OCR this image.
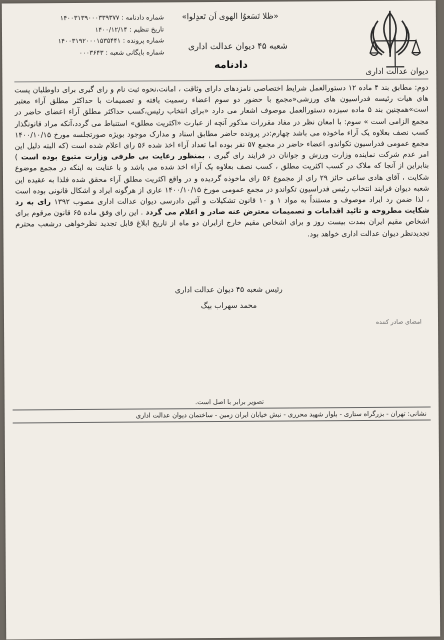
«ظلا تَسَعوُا الهوی اَن تَعدِلوا»
دیوان عدالت اداری
شعبه ۴۵ دیوان عدالت اداری
دادنامه
شماره دادنامه : ۱۴۰۰۳۱۳۹۰۰۰۳۳۹۳۷۷
تاریخ تنظیم : ۱۴۰۰/۱۲/۱۴
شماره پرونده : ۱۴۰۰۳۱۹۲۰۰۰۱۵۳۵۴۴۱
شماره بایگانی شعبه : ۰۰۰۳۶۴۳
دوم: مطابق بند ۴ ماده ۱۲ دستورالعمل شرایط اختصاصی نامزدهای دارای وثاقت ، امانت،نحوه ثبت نام و رای گیری برای داوطلبان پست های هیات رئیسه فدراسیون های ورزشی«مجمع با حضور دو سوم اعضاء رسمیت یافته و تصمیمات با حداکثر مطلق آراء معتبر است»همچنین بند ۵ ماده سیزده دستورالعمل موصوف اشعار می دارد «برای انتخاب رئیس،کسب حداکثر مطلق آراء اعضای حاضر در مجمع الزامی است » سوم: با امعان نظر در مفاد مقررات مذکور آنچه از عبارت «اکثریت مطلق» استنباط می گردد،آنکه مراد قانونگذار کسب نصف بعلاوه یک آراء ماخوذه می باشد چهارم:در پرونده حاضر مطابق اسناد و مدارک موجود بویژه صورتجلسه مورخ ۱۴۰۰/۱۰/۱۵ مجمع عمومی فدراسیون تکواندو، اعضاء حاضر در مجمع ۵۷ نفر بوده اما تعداد آراء اخذ شده ۵۶ رای اعلام شده است (که البته دلیل این امر عدم شرکت نماینده وزارت ورزش و جوانان در فرایند رای گیری ، بمنظور رعایت بی طرفی وزارت متبوع بوده است ) بنابراین از آنجا که ملاک در کسب اکثریت مطلق ، کسب نصف بعلاوه یک آراء اخذ شده می باشد و با عنایت به اینکه در مجمع موضوع شکایت ، آقای هادی ساعی حائز ۲۹ رای از مجموع ۵۶ رای ماخوذه گردیده و در واقع اکثریت مطلق آراء محقق شده فلذا به عقیده این شعبه دیوان فرایند انتخاب رئیس فدراسیون تکواندو در مجمع عمومی مورخ ۱۴۰۰/۱۰/۱۵ عاری از هرگونه ایراد و اشکال قانونی بوده است ، لذا ضمن رد ایراد موصوف و مستنداً به مواد ۱ و ۱۰ قانون تشکیلات و آئین دادرسی دیوان عدالت اداری مصوب ۱۳۹۲ رای به رد شکایت مطروحه و تائید اقدامات و تصمیمات معترض عنه صادر و اعلام می گردد . این رای وفق ماده ۶۵ قانون مرقوم برای اشخاص مقیم ایران بمدت بیست روز و برای اشخاص مقیم خارج ازایران دو ماه از تاریخ ابلاغ قابل تجدید نظرخواهی درشعب محترم تجدیدنظر دیوان عدالت اداری خواهد بود.
رئیس شعبه ۴۵ دیوان عدالت اداری
محمد سهراب بیگ
امضای صادر کننده
تصویر برابر با اصل است.
نشانی: تهران - بزرگراه ستاری - بلوار شهید محرری - نبش خیابان ایران زمین - ساختمان دیوان عدالت اداری
